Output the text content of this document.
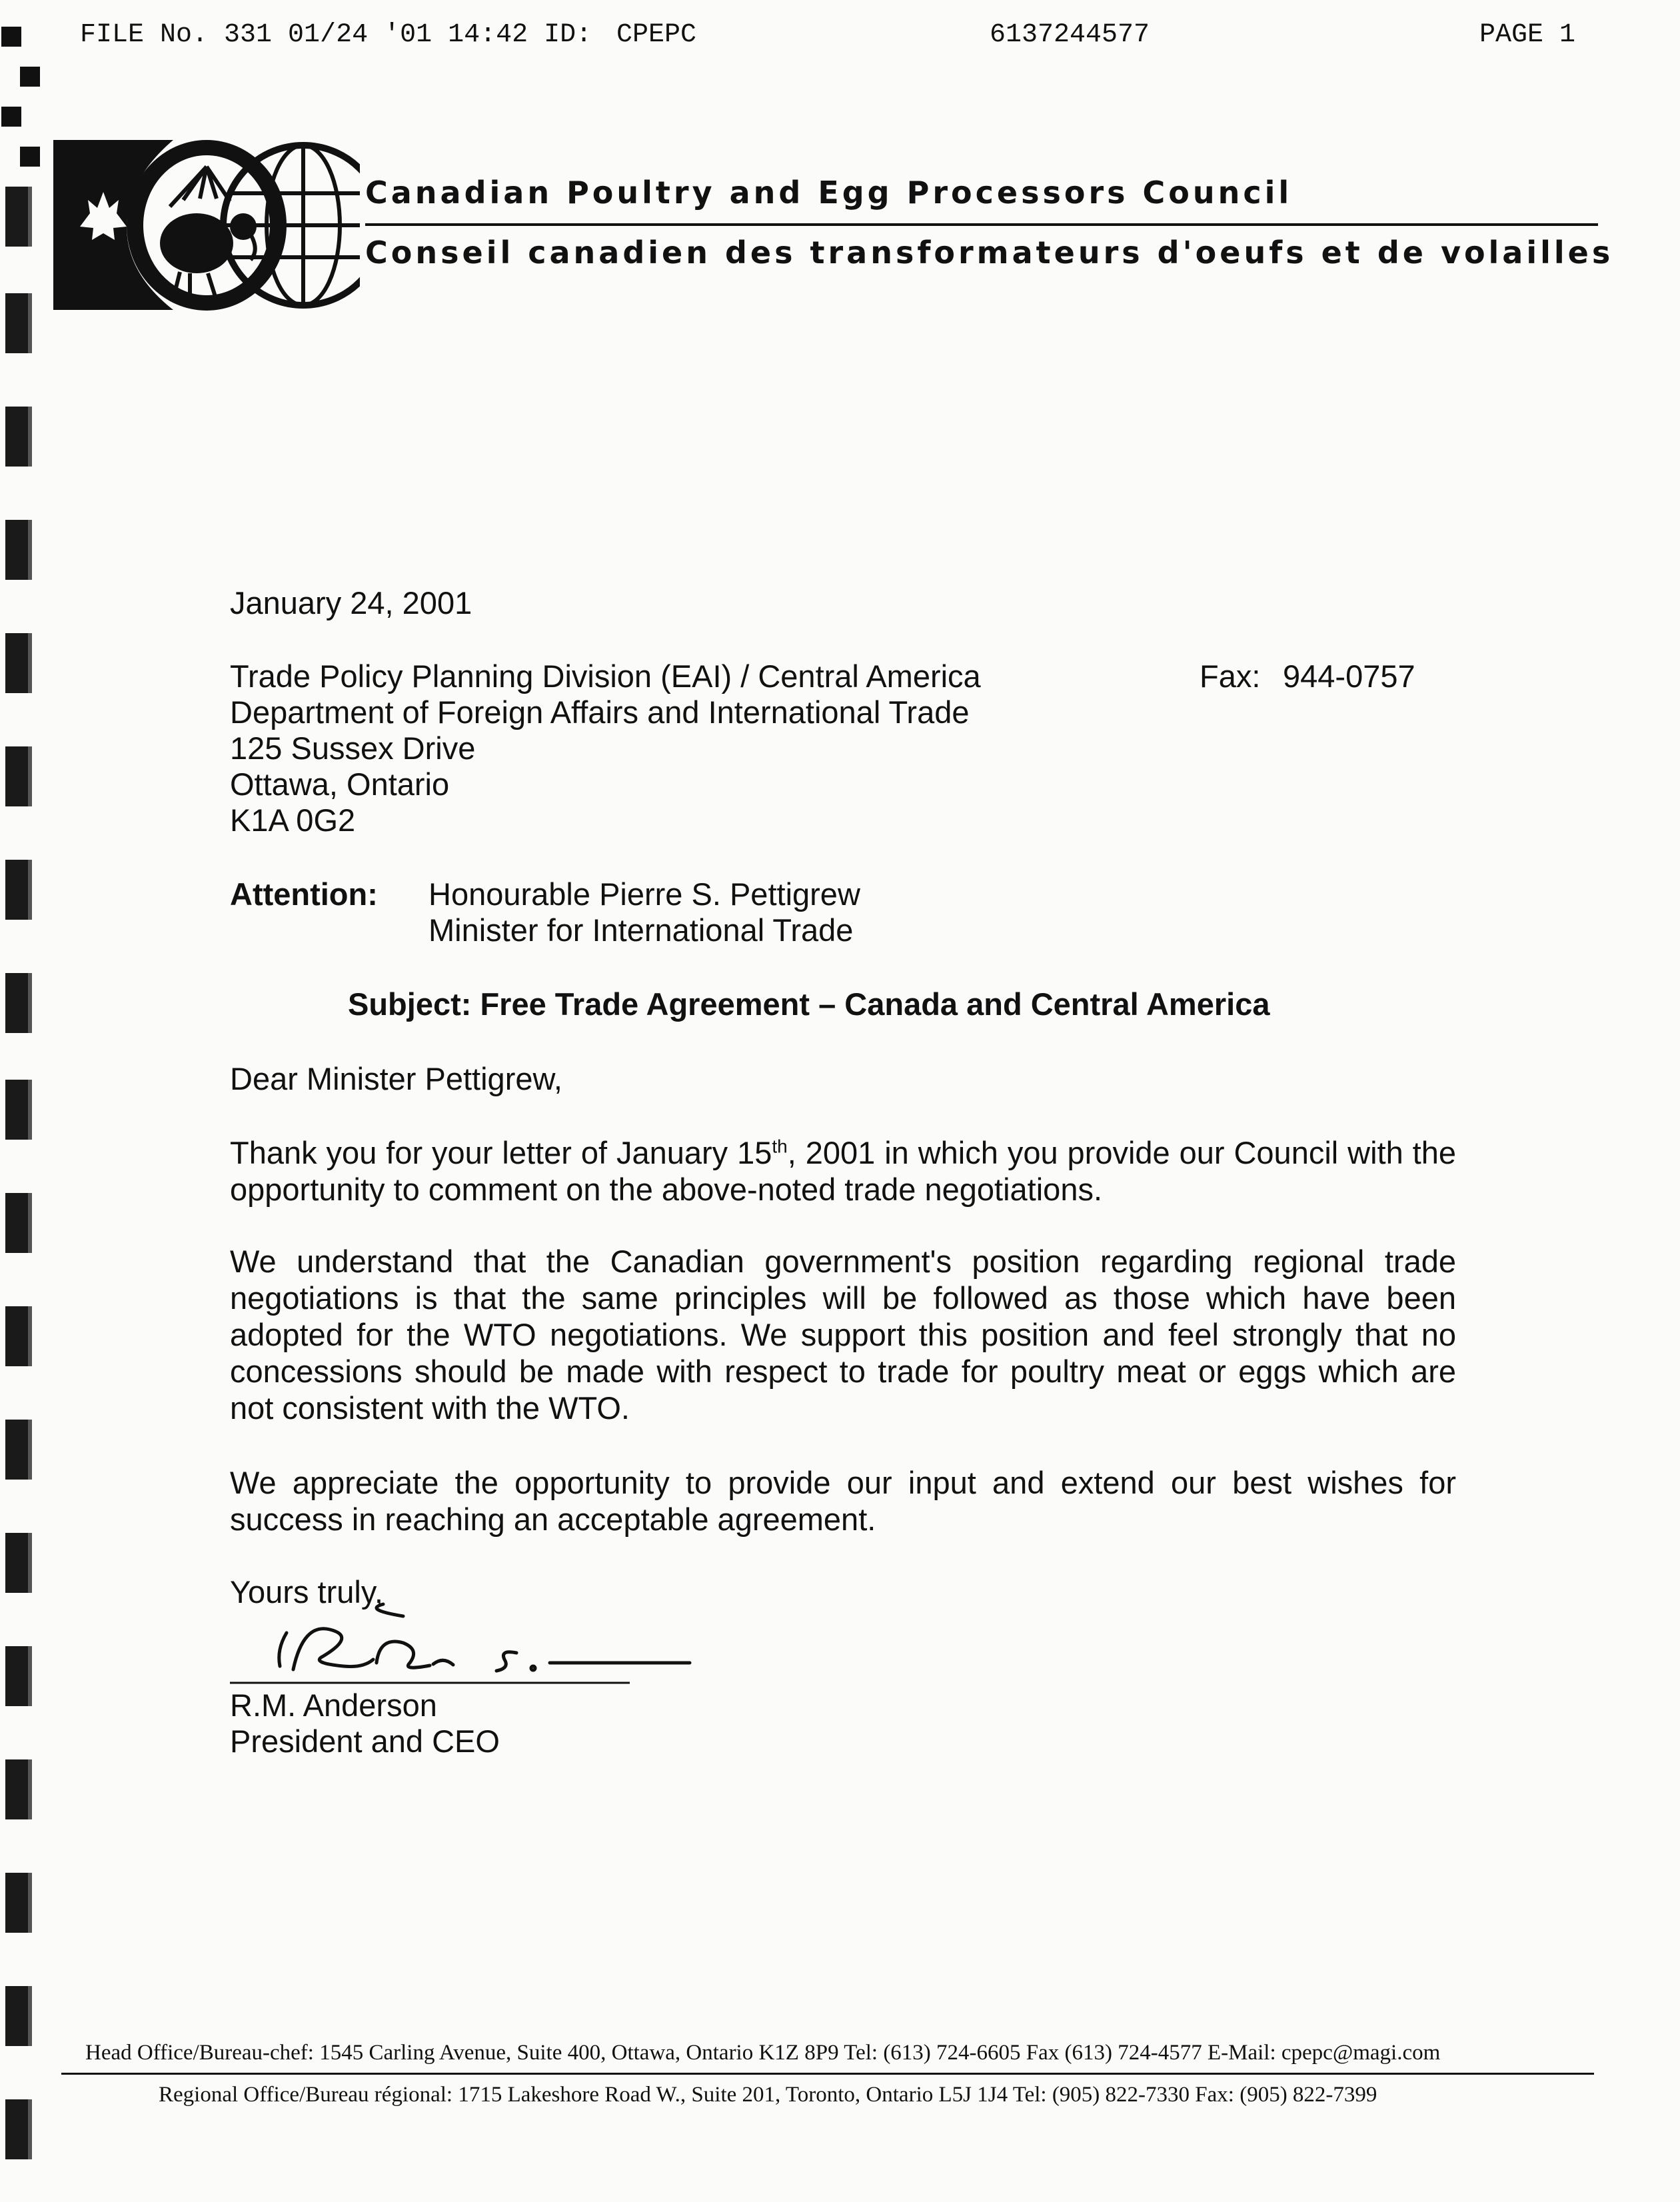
FILE No. 331 01/24 '01 14:42 ID: CPEPC	6137244577	PAGE 1
Canadian Poultry and Egg Processors Council
Conseil canadien des transformateurs d'oeufs et de volailles
January 24, 2001
Trade Policy Planning Division (EAI) / Central America
Department of Foreign Affairs and International Trade
125 Sussex Drive
Ottawa, Ontario
K1A 0G2
Fax: 944-0757
Attention: Honourable Pierre S. Pettigrew
Minister for International Trade
Subject: Free Trade Agreement – Canada and Central America
Dear Minister Pettigrew,
Thank you for your letter of January 15th, 2001 in which you provide our Council with the opportunity to comment on the above-noted trade negotiations.
We understand that the Canadian government's position regarding regional trade negotiations is that the same principles will be followed as those which have been adopted for the WTO negotiations. We support this position and feel strongly that no concessions should be made with respect to trade for poultry meat or eggs which are not consistent with the WTO.
We appreciate the opportunity to provide our input and extend our best wishes for success in reaching an acceptable agreement.
Yours truly,
R.M. Anderson
President and CEO
Head Office/Bureau-chef: 1545 Carling Avenue, Suite 400, Ottawa, Ontario K1Z 8P9 Tel: (613) 724-6605 Fax (613) 724-4577 E-Mail: cpepc@magi.com
Regional Office/Bureau régional: 1715 Lakeshore Road W., Suite 201, Toronto, Ontario L5J 1J4 Tel: (905) 822-7330 Fax: (905) 822-7399
